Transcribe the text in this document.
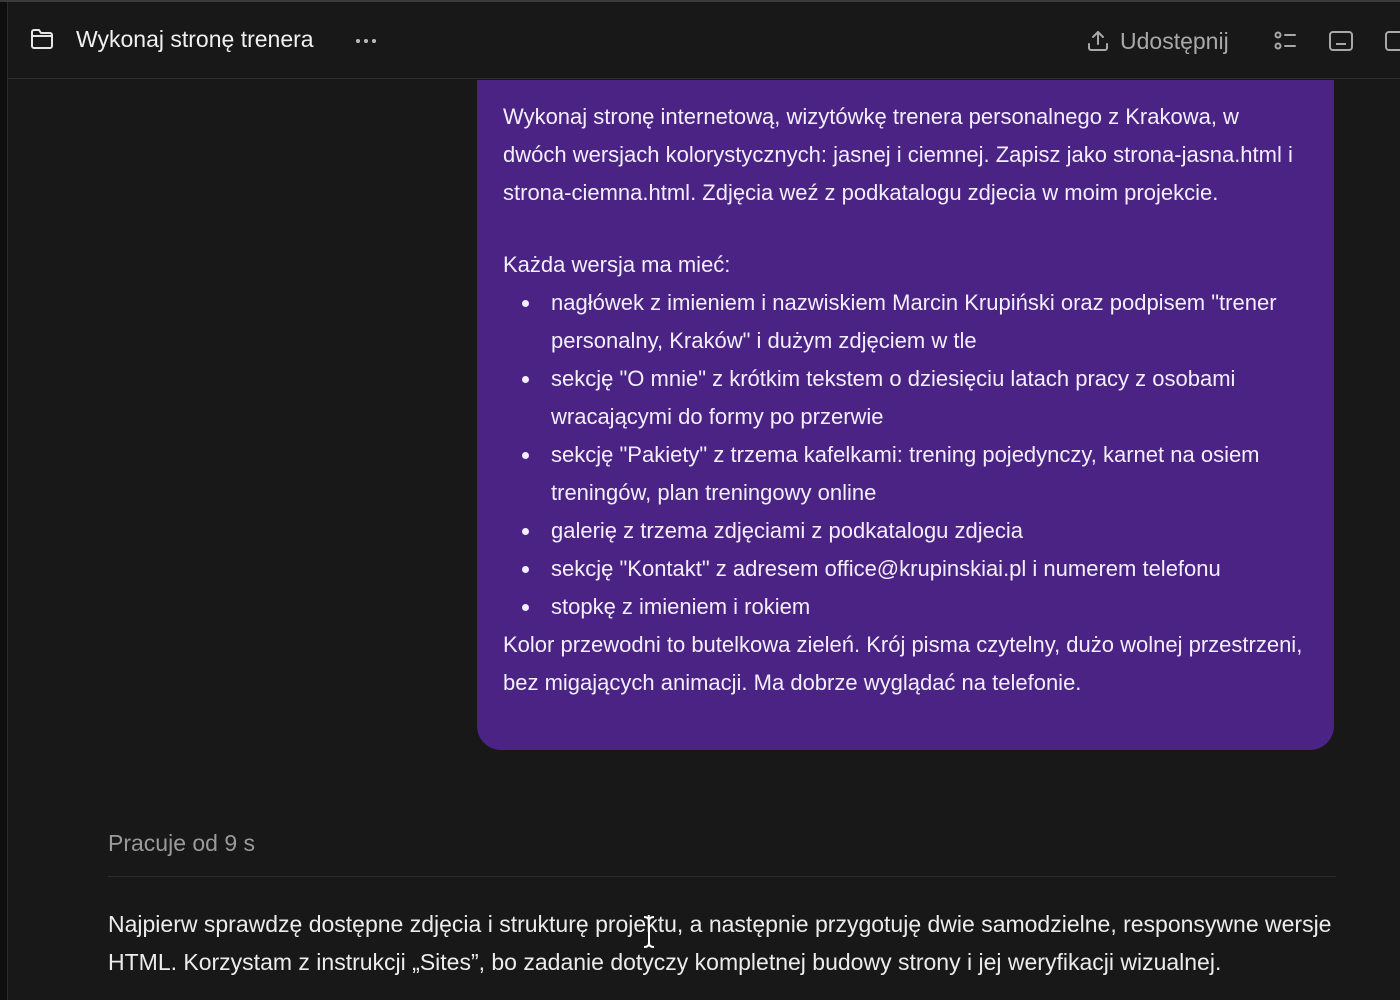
Wykonaj stronę trenera	Udostępnij

Wykonaj stronę internetową, wizytówkę trenera personalnego z Krakowa, w dwóch wersjach kolorystycznych: jasnej i ciemnej. Zapisz jako strona-jasna.html i strona-ciemna.html. Zdjęcia weź z podkatalogu zdjecia w moim projekcie.

Każda wersja ma mieć:

nagłówek z imieniem i nazwiskiem Marcin Krupiński oraz podpisem "trener personalny, Kraków" i dużym zdjęciem w tle
sekcję "O mnie" z krótkim tekstem o dziesięciu latach pracy z osobami wracającymi do formy po przerwie
sekcję "Pakiety" z trzema kafelkami: trening pojedynczy, karnet na osiem treningów, plan treningowy online
galerię z trzema zdjęciami z podkatalogu zdjecia
sekcję "Kontakt" z adresem office@krupinskiai.pl i numerem telefonu
stopkę z imieniem i rokiem

Kolor przewodni to butelkowa zieleń. Krój pisma czytelny, dużo wolnej przestrzeni, bez migających animacji. Ma dobrze wyglądać na telefonie.

Pracuje od 9 s
Najpierw sprawdzę dostępne zdjęcia i strukturę projektu, a następnie przygotuję dwie samodzielne, responsywne wersje HTML. Korzystam z instrukcji „Sites”, bo zadanie dotyczy kompletnej budowy strony i jej weryfikacji wizualnej.
